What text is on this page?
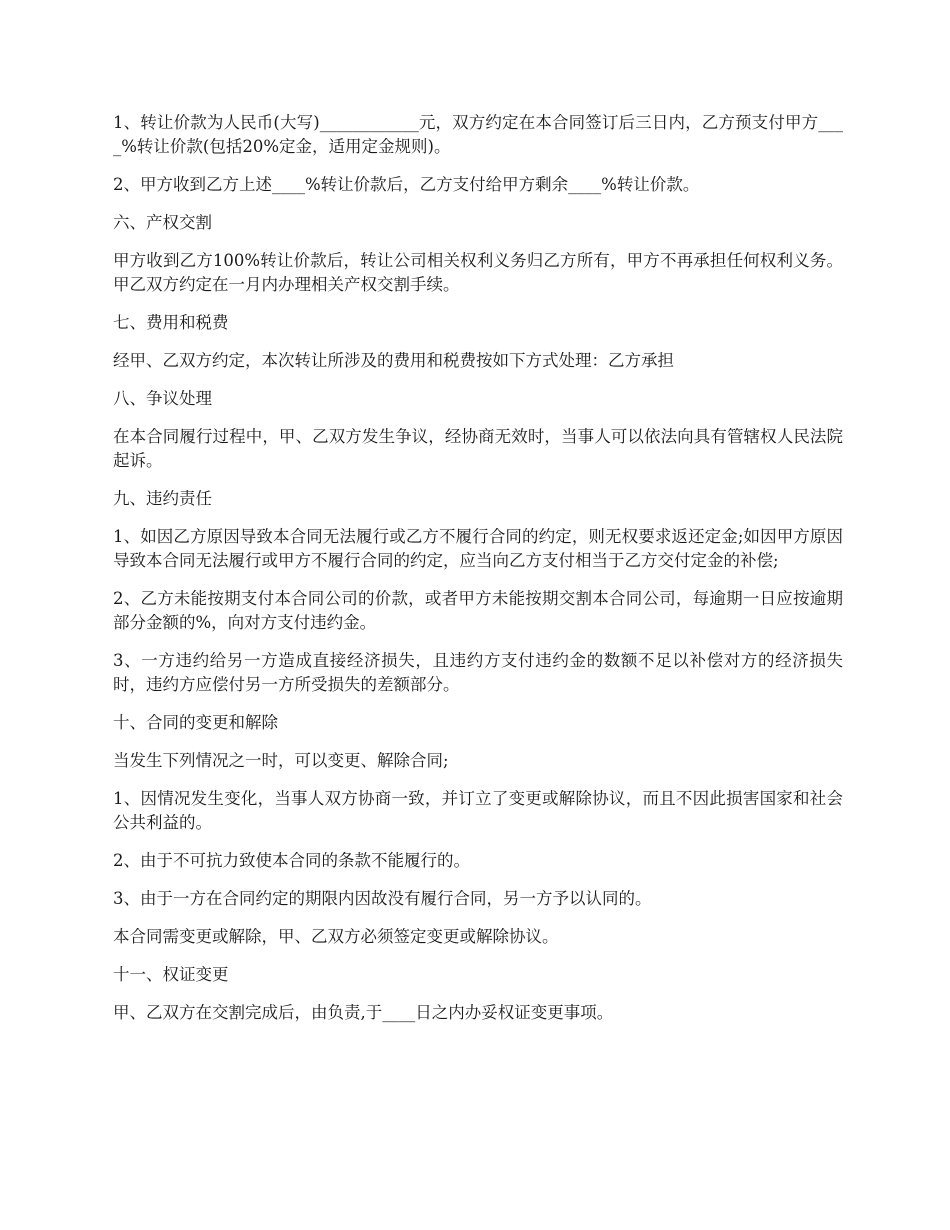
1、转让价款为人民币(大写)____________元，双方约定在本合同签订后三日内，乙方预支付甲方____%转让价款(包括20%定金，适用定金规则)。

2、甲方收到乙方上述____%转让价款后，乙方支付给甲方剩余____%转让价款。

六、产权交割

甲方收到乙方100%转让价款后，转让公司相关权利义务归乙方所有，甲方不再承担任何权利义务。甲乙双方约定在一月内办理相关产权交割手续。

七、费用和税费

经甲、乙双方约定，本次转让所涉及的费用和税费按如下方式处理：乙方承担

八、争议处理

在本合同履行过程中，甲、乙双方发生争议，经协商无效时，当事人可以依法向具有管辖权人民法院起诉。

九、违约责任

1、如因乙方原因导致本合同无法履行或乙方不履行合同的约定，则无权要求返还定金;如因甲方原因导致本合同无法履行或甲方不履行合同的约定，应当向乙方支付相当于乙方交付定金的补偿;

2、乙方未能按期支付本合同公司的价款，或者甲方未能按期交割本合同公司，每逾期一日应按逾期部分金额的%，向对方支付违约金。

3、一方违约给另一方造成直接经济损失，且违约方支付违约金的数额不足以补偿对方的经济损失时，违约方应偿付另一方所受损失的差额部分。

十、合同的变更和解除

当发生下列情况之一时，可以变更、解除合同;

1、因情况发生变化，当事人双方协商一致，并订立了变更或解除协议，而且不因此损害国家和社会公共利益的。

2、由于不可抗力致使本合同的条款不能履行的。

3、由于一方在合同约定的期限内因故没有履行合同，另一方予以认同的。

本合同需变更或解除，甲、乙双方必须签定变更或解除协议。

十一、权证变更

甲、乙双方在交割完成后，由负责,于____日之内办妥权证变更事项。
